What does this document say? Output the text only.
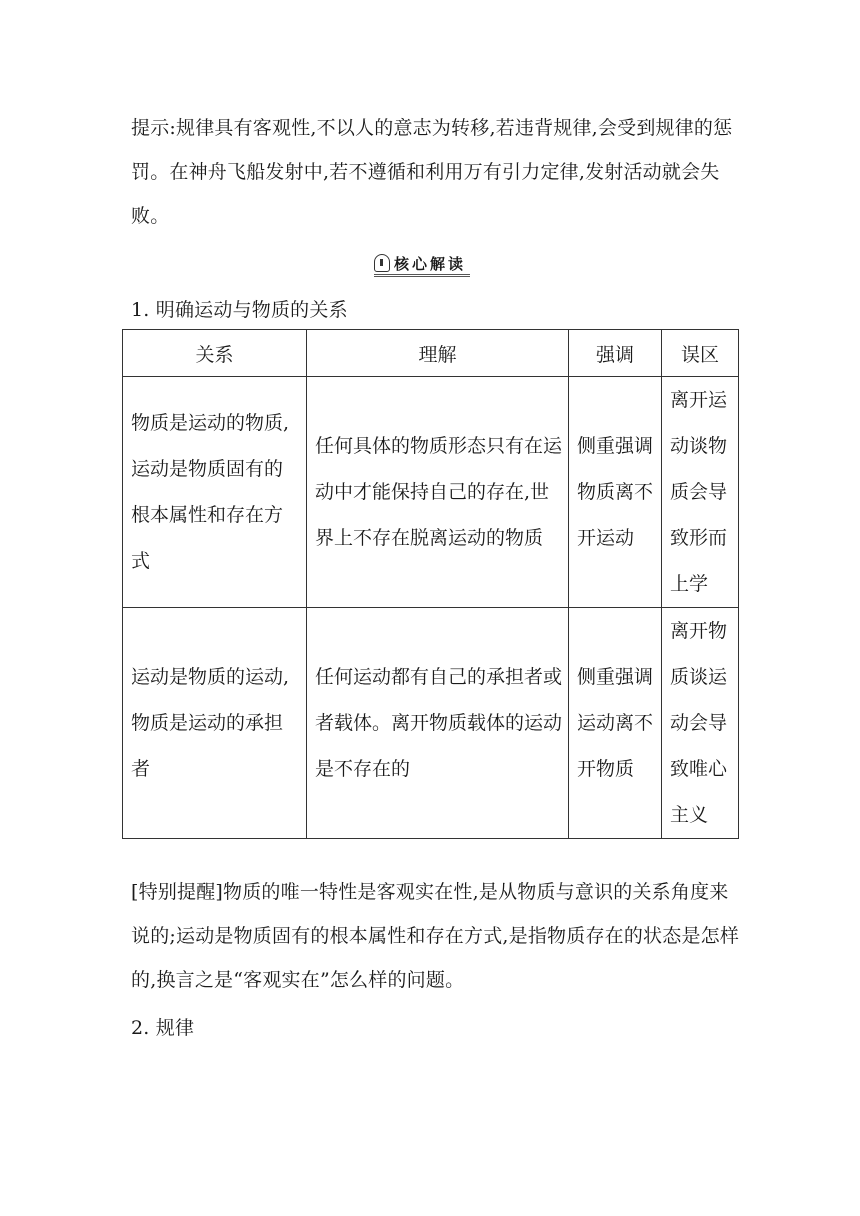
提示:规律具有客观性,不以人的意志为转移,若违背规律,会受到规律的惩罚。在神舟飞船发射中,若不遵循和利用万有引力定律,发射活动就会失败。

核心解读

1. 明确运动与物质的关系

关系	理解	强调	误区

物质是运动的物质,运动是物质固有的根本属性和存在方式	任何具体的物质形态只有在运动中才能保持自己的存在,世界上不存在脱离运动的物质	侧重强调物质离不开运动	离开运动谈物质会导致形而上学

运动是物质的运动,物质是运动的承担者	任何运动都有自己的承担者或者载体。离开物质载体的运动是不存在的	侧重强调运动离不开物质	离开物质谈运动会导致唯心主义

[特别提醒]物质的唯一特性是客观实在性,是从物质与意识的关系角度来说的;运动是物质固有的根本属性和存在方式,是指物质存在的状态是怎样的,换言之是“客观实在”怎么样的问题。

2. 规律
